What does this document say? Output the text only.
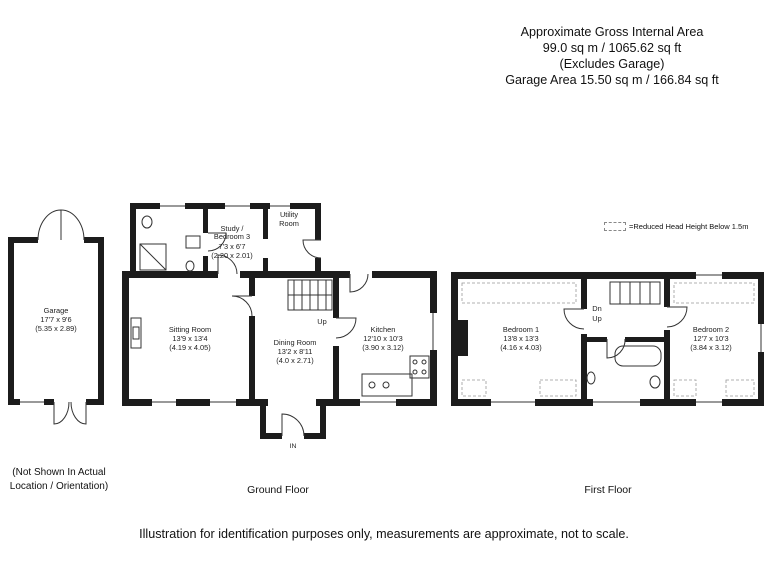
Approximate Gross Internal Area
99.0 sq m / 1065.62 sq ft
(Excludes Garage)
Garage Area 15.50 sq m / 166.84 sq ft
=Reduced Head Height Below 1.5m
Garage
17'7 x 9'6
(5.35 x 2.89)
Study /
Bedroom 3
7'3 x 6'7
(2.20 x 2.01)
Utility
Room
Sitting Room
13'9 x 13'4
(4.19 x 4.05)
Dining Room
13'2 x 8'11
(4.0 x 2.71)
Kitchen
12'10 x 10'3
(3.90 x 3.12)
Up
IN
Bedroom 1
13'8 x 13'3
(4.16 x 4.03)
Bedroom 2
12'7 x 10'3
(3.84 x 3.12)
Dn
Up
(Not Shown In Actual
Location / Orientation)	Ground Floor	First Floor
Illustration for identification purposes only, measurements are approximate, not to scale.
